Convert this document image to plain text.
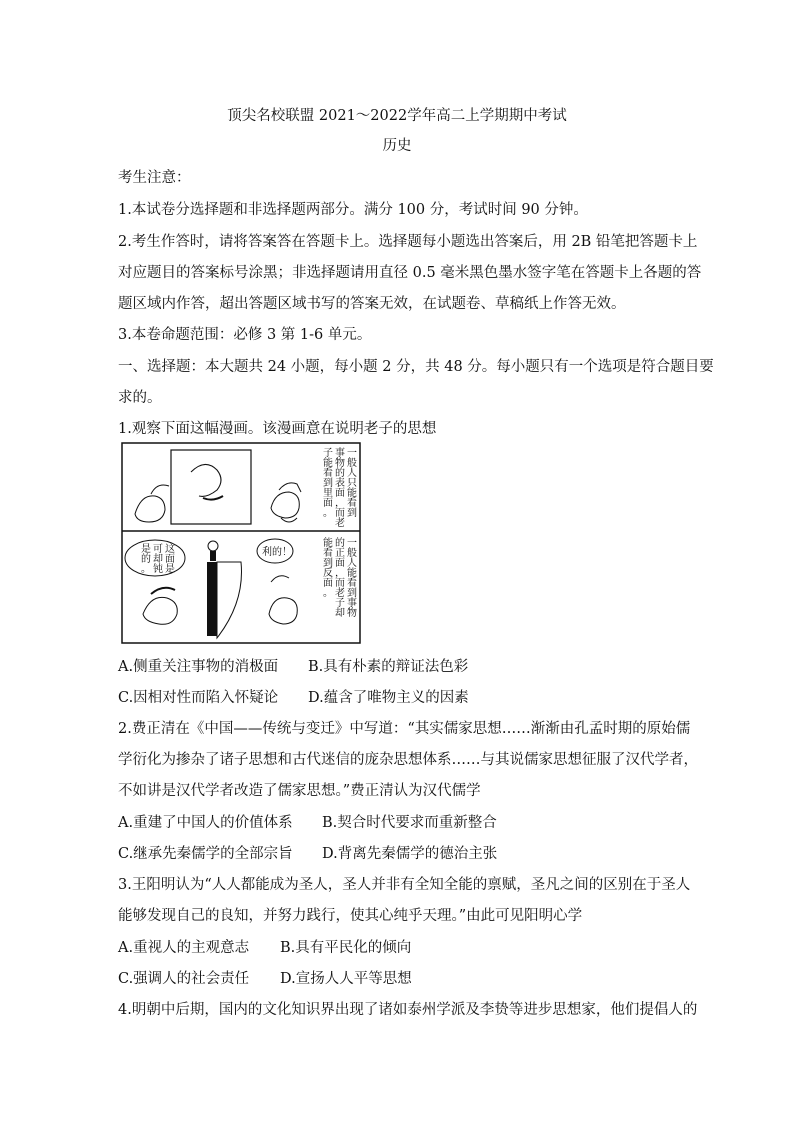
顶尖名校联盟 2021～2022学年高二上学期期中考试
历史
考生注意：
1.本试卷分选择题和非选择题两部分。满分 100 分，考试时间 90 分钟。
2.考生作答时，请将答案答在答题卡上。选择题每小题选出答案后，用 2B 铅笔把答题卡上
对应题目的答案标号涂黑；非选择题请用直径 0.5 毫米黑色墨水签字笔在答题卡上各题的答
题区域内作答，超出答题区域书写的答案无效，在试题卷、草稿纸上作答无效。
3.本卷命题范围：必修 3 第 1-6 单元。
一、选择题：本大题共 24 小题，每小题 2 分，共 48 分。每小题只有一个选项是符合题目要
求的。
1.观察下面这幅漫画。该漫画意在说明老子的思想
一般人只能看到 事物的表面，而老 子能看到里面。
这面是 可却钝 是的。
利的！
一般人能看到事物 的正面，而老子却 能看到反面。
A.侧重关注事物的消极面 B.具有朴素的辩证法色彩
C.因相对性而陷入怀疑论 D.蕴含了唯物主义的因素
2.费正清在《中国——传统与变迁》中写道：“其实儒家思想……渐渐由孔孟时期的原始儒
学衍化为掺杂了诸子思想和古代迷信的庞杂思想体系……与其说儒家思想征服了汉代学者，
不如讲是汉代学者改造了儒家思想。”费正清认为汉代儒学
A.重建了中国人的价值体系 B.契合时代要求而重新整合
C.继承先秦儒学的全部宗旨 D.背离先秦儒学的德治主张
3.王阳明认为“人人都能成为圣人，圣人并非有全知全能的禀赋，圣凡之间的区别在于圣人
能够发现自己的良知，并努力践行，使其心纯乎天理。”由此可见阳明心学
A.重视人的主观意志 B.具有平民化的倾向
C.强调人的社会责任 D.宣扬人人平等思想
4.明朝中后期，国内的文化知识界出现了诸如泰州学派及李贽等进步思想家，他们提倡人的
